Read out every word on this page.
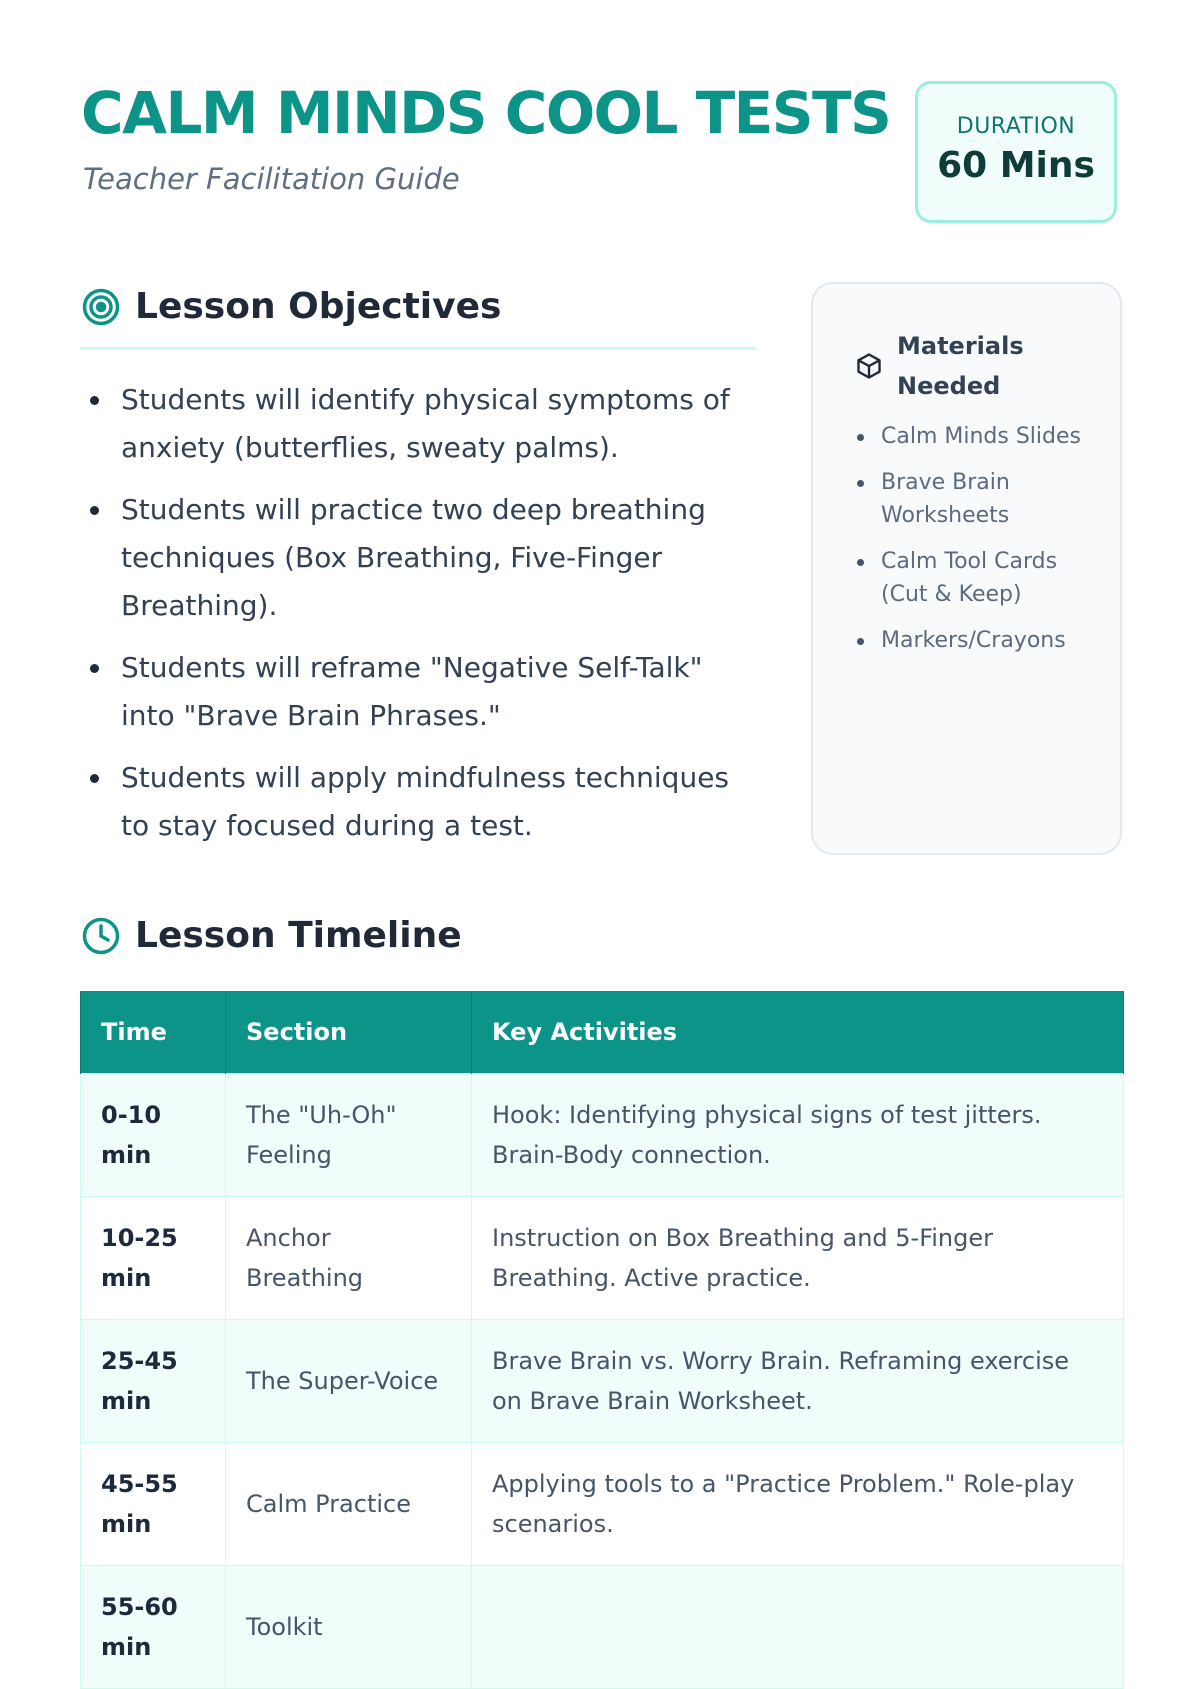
CALM MINDS COOL TESTS

Teacher Facilitation Guide

DURATION
60 Mins
Lesson Objectives
Students will identify physical symptoms of anxiety (butterflies, sweaty palms).
Students will practice two deep breathing techniques (Box Breathing, Five-Finger Breathing).
Students will reframe "Negative Self-Talk" into "Brave Brain Phrases."
Students will apply mindfulness techniques to stay focused during a test.
Materials Needed
Calm Minds Slides
Brave Brain Worksheets
Calm Tool Cards (Cut & Keep)
Markers/Crayons
Lesson Timeline
Time	Section	Key Activities
0-10 min	The "Uh-Oh" Feeling	Hook: Identifying physical signs of test jitters. Brain-Body connection.
10-25 min	Anchor Breathing	Instruction on Box Breathing and 5-Finger Breathing. Active practice.
25-45 min	The Super-Voice	Brave Brain vs. Worry Brain. Reframing exercise on Brave Brain Worksheet.
45-55 min	Calm Practice	Applying tools to a "Practice Problem." Role-play scenarios.
55-60 min	Toolkit	
